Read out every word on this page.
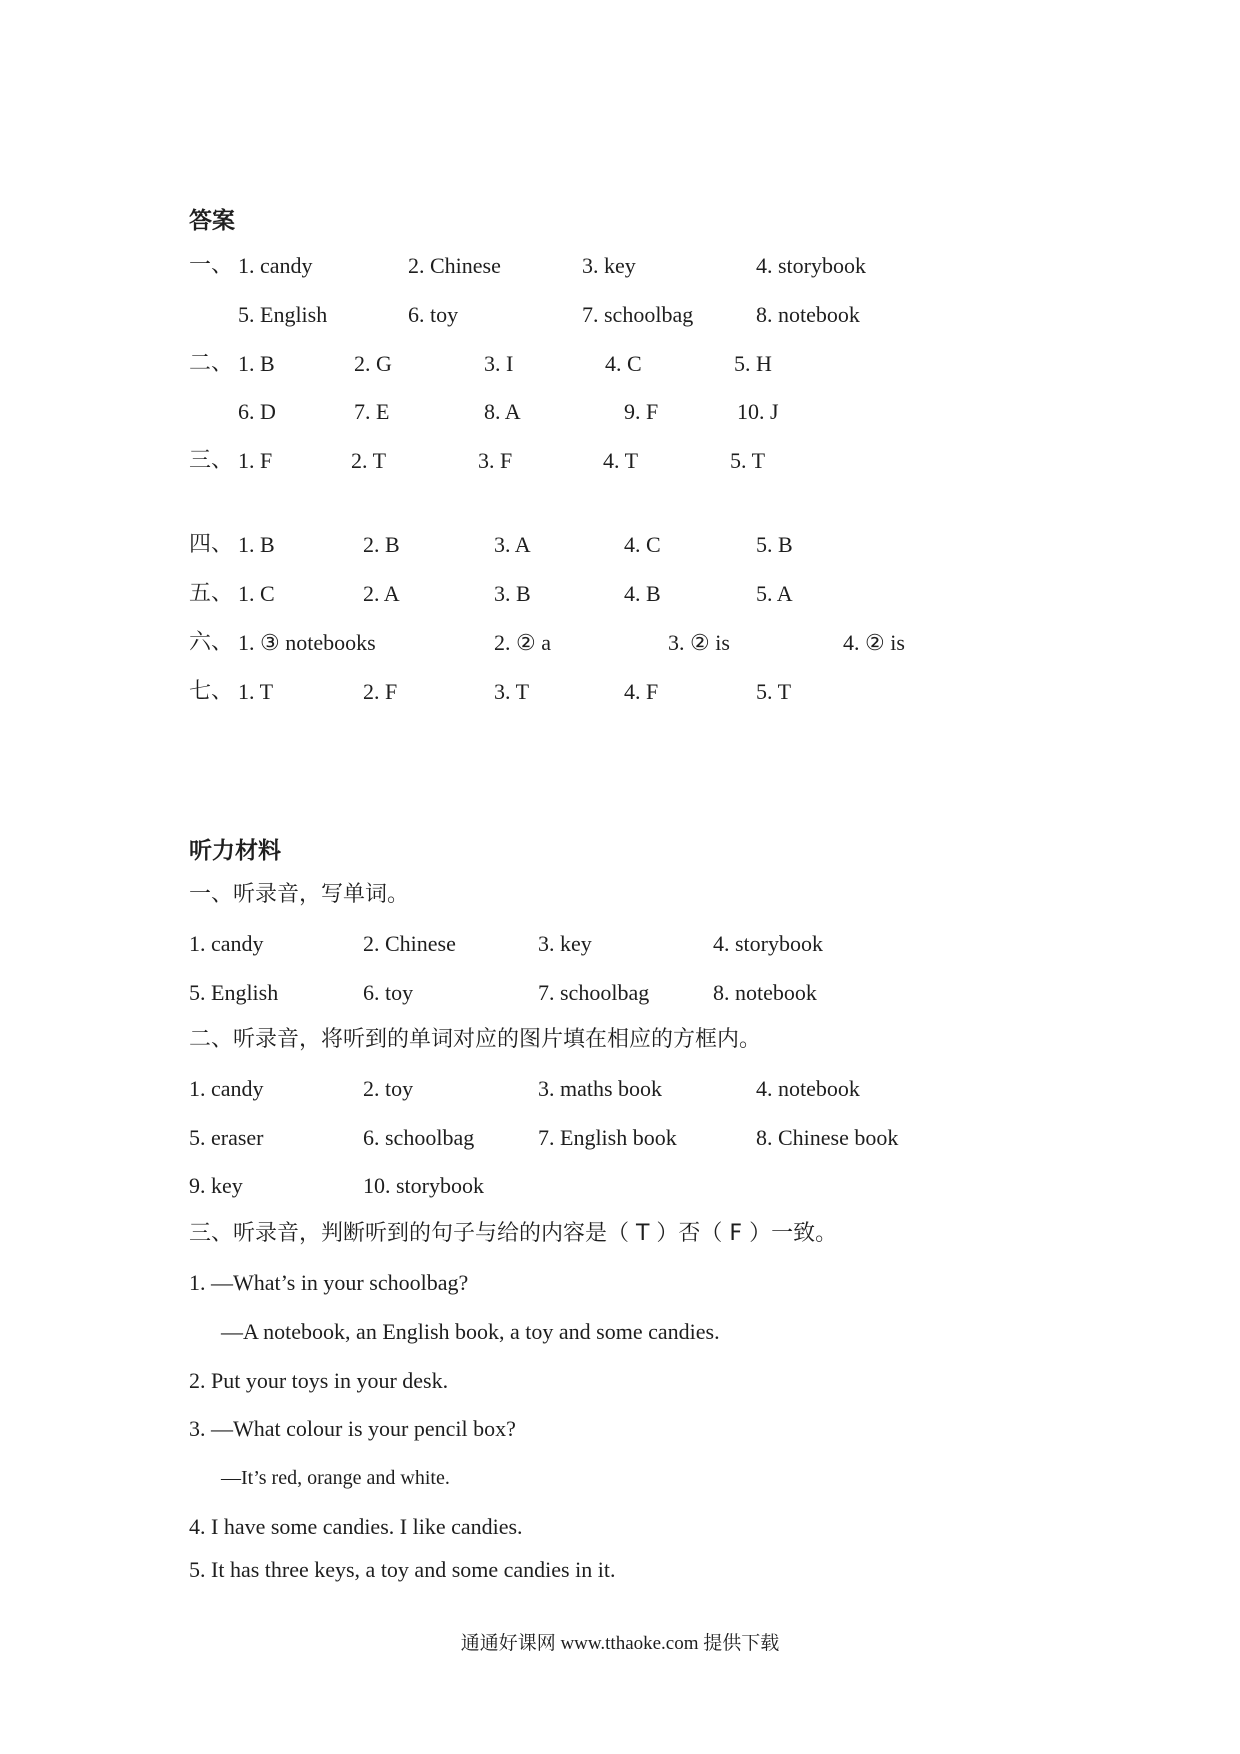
答案
一、 1. candy	2. Chinese	3. key	4. storybook
5. English	6. toy	7. schoolbag	8. notebook
二、 1. B	2. G	3. I	4. C	5. H
6. D	7. E	8. A	9. F	10. J
三、 1. F	2. T	3. F	4. T	5. T
四、 1. B	2. B	3. A	4. C	5. B
五、 1. C	2. A	3. B	4. B	5. A
六、 1. ③ notebooks	2. ② a	3. ② is	4. ② is
七、 1. T	2. F	3. T	4. F	5. T
听力材料
一、听录音，写单词。
1. candy	2. Chinese	3. key	4. storybook
5. English	6. toy	7. schoolbag	8. notebook
二、听录音，将听到的单词对应的图片填在相应的方框内。
1. candy	2. toy	3. maths book	4. notebook
5. eraser	6. schoolbag	7. English book	8. Chinese book
9. key	10. storybook
三、听录音，判断听到的句子与给的内容是（ T ）否（ F ）一致。
1. —What’s in your schoolbag?
—A notebook, an English book, a toy and some candies.
2. Put your toys in your desk.
3. —What colour is your pencil box?
—It’s red, orange and white.
4. I have some candies. I like candies.
5. It has three keys, a toy and some candies in it.
通通好课网 www.tthaoke.com 提供下载
